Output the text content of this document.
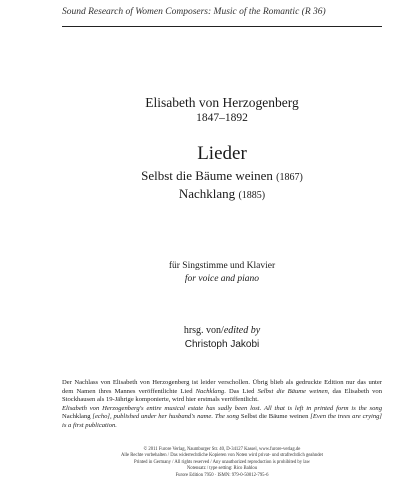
Sound Research of Women Composers: Music of the Romantic (R 36)
Elisabeth von Herzogenberg
1847–1892
Lieder
Selbst die Bäume weinen (1867)
Nachklang (1885)
für Singstimme und Klavier
for voice and piano
hrsg. von/edited by
Christoph Jakobi
Der Nachlass von Elisabeth von Herzogenberg ist leider verschollen. Übrig blieb als gedruckte Edition nur das unter dem Namen ihres Mannes veröffentlichte Lied Nachklang. Das Lied Selbst die Bäume weinen, das Elisabeth von Stockhausen als 19-Jährige komponierte, wird hier erstmals veröffentlicht.
Elisabeth von Herzogenberg's entire musical estate has sadly been lost. All that is left in printed form is the song Nachklang [echo], published under her husband's name. The song Selbst die Bäume weinen [Even the trees are crying] is a first publication.
© 2011 Furore Verlag, Naumburger Str. 40, D-34127 Kassel, www.furore-verlag.de
Alle Rechte vorbehalten / Das widerrechtliche Kopieren von Noten wird privat- und strafrechtlich geahndet
Printed in Germany / All rights reserved / Any unauthorized reproduction is prohibited by law
Notensatz / type setting: Rico Bahlou
Furore Edition 7950 · ISMN: 979-0-50012-795-6
